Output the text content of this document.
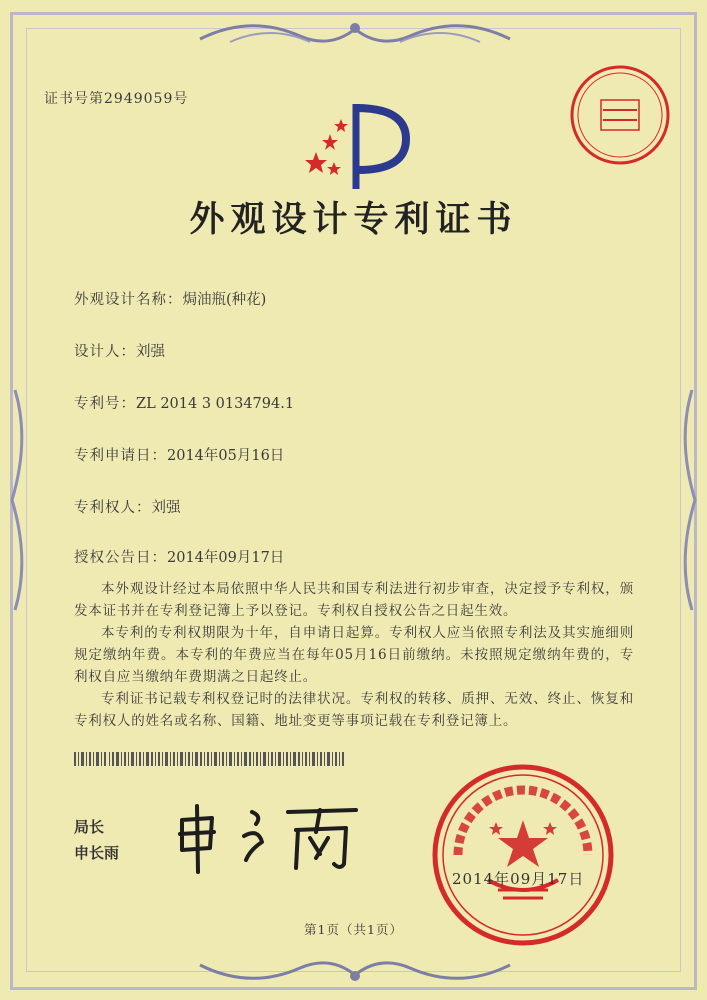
证书号第2949059号
外观设计专利证书
外观设计名称：焗油瓶(种花)
设计人：刘强
专利号：ZL 2014 3 0134794.1
专利申请日：2014年05月16日
专利权人：刘强
授权公告日：2014年09月17日
本外观设计经过本局依照中华人民共和国专利法进行初步审查，决定授予专利权，颁发本证书并在专利登记簿上予以登记。专利权自授权公告之日起生效。
本专利的专利权期限为十年，自申请日起算。专利权人应当依照专利法及其实施细则规定缴纳年费。本专利的年费应当在每年05月16日前缴纳。未按照规定缴纳年费的，专利权自应当缴纳年费期满之日起终止。
专利证书记载专利权登记时的法律状况。专利权的转移、质押、无效、终止、恢复和专利权人的姓名或名称、国籍、地址变更等事项记载在专利登记簿上。
局长
申长雨
2014年09月17日
第1页（共1页）
